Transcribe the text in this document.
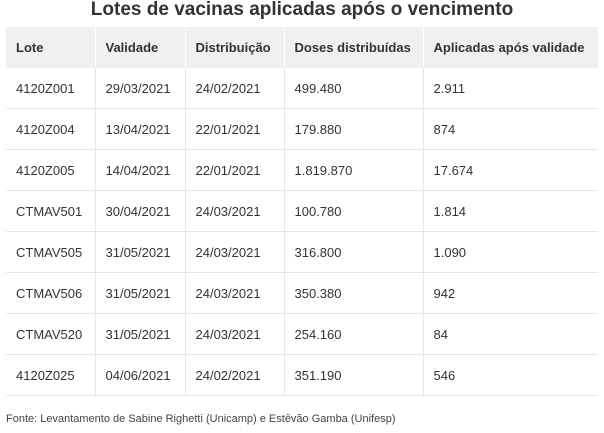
Lotes de vacinas aplicadas após o vencimento
Lote	Validade	Distribuição	Doses distribuídas	Aplicadas após validade
4120Z001	29/03/2021	24/02/2021	499.480	2.911
4120Z004	13/04/2021	22/01/2021	179.880	874
4120Z005	14/04/2021	22/01/2021	1.819.870	17.674
CTMAV501	30/04/2021	24/03/2021	100.780	1.814
CTMAV505	31/05/2021	24/03/2021	316.800	1.090
CTMAV506	31/05/2021	24/03/2021	350.380	942
CTMAV520	31/05/2021	24/03/2021	254.160	84
4120Z025	04/06/2021	24/02/2021	351.190	546
Fonte: Levantamento de Sabine Righetti (Unicamp) e Estêvão Gamba (Unifesp)
